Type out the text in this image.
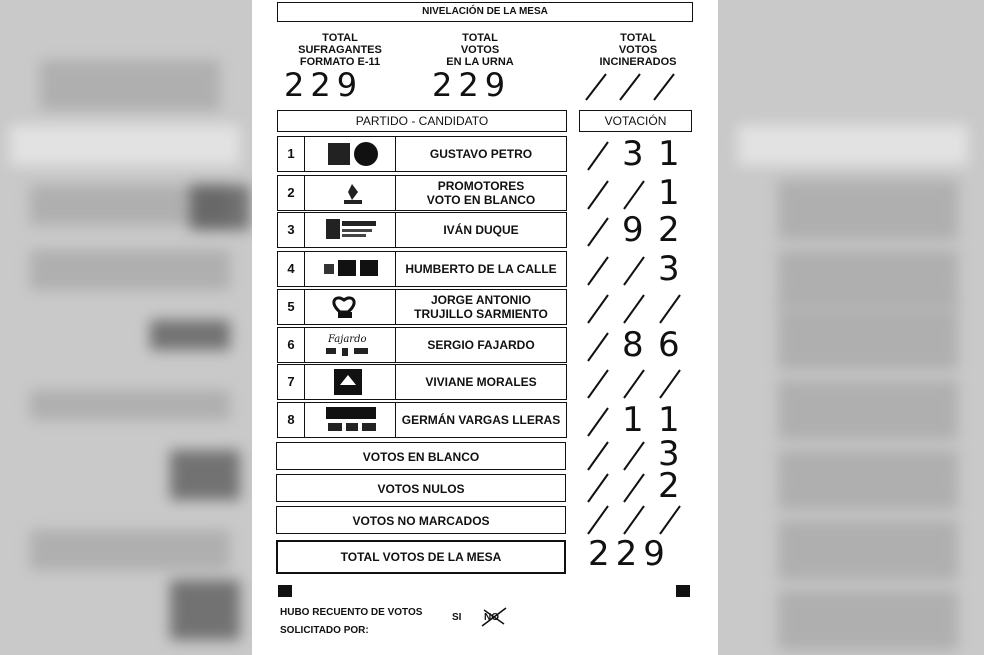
NIVELACIÓN DE LA MESA
TOTAL
SUFRAGANTES
FORMATO E-11
229
TOTAL
VOTOS
EN LA URNA
229
TOTAL
VOTOS
INCINERADOS
PARTIDO - CANDIDATO	VOTACIÓN
1	GUSTAVO PETRO	3 1
2	PROMOTORES
VOTO EN BLANCO	1
3	IVÁN DUQUE	9 2
4	HUMBERTO DE LA CALLE	3
5	JORGE ANTONIO
TRUJILLO SARMIENTO
6	Fajardo	SERGIO FAJARDO	8 6
7	VIVIANE MORALES
8	GERMÁN VARGAS LLERAS 1 1
VOTOS EN BLANCO	3
VOTOS NULOS	2
VOTOS NO MARCADOS
TOTAL VOTOS DE LA MESA	229
HUBO RECUENTO DE VOTOS
SOLICITADO POR:
SI NO
